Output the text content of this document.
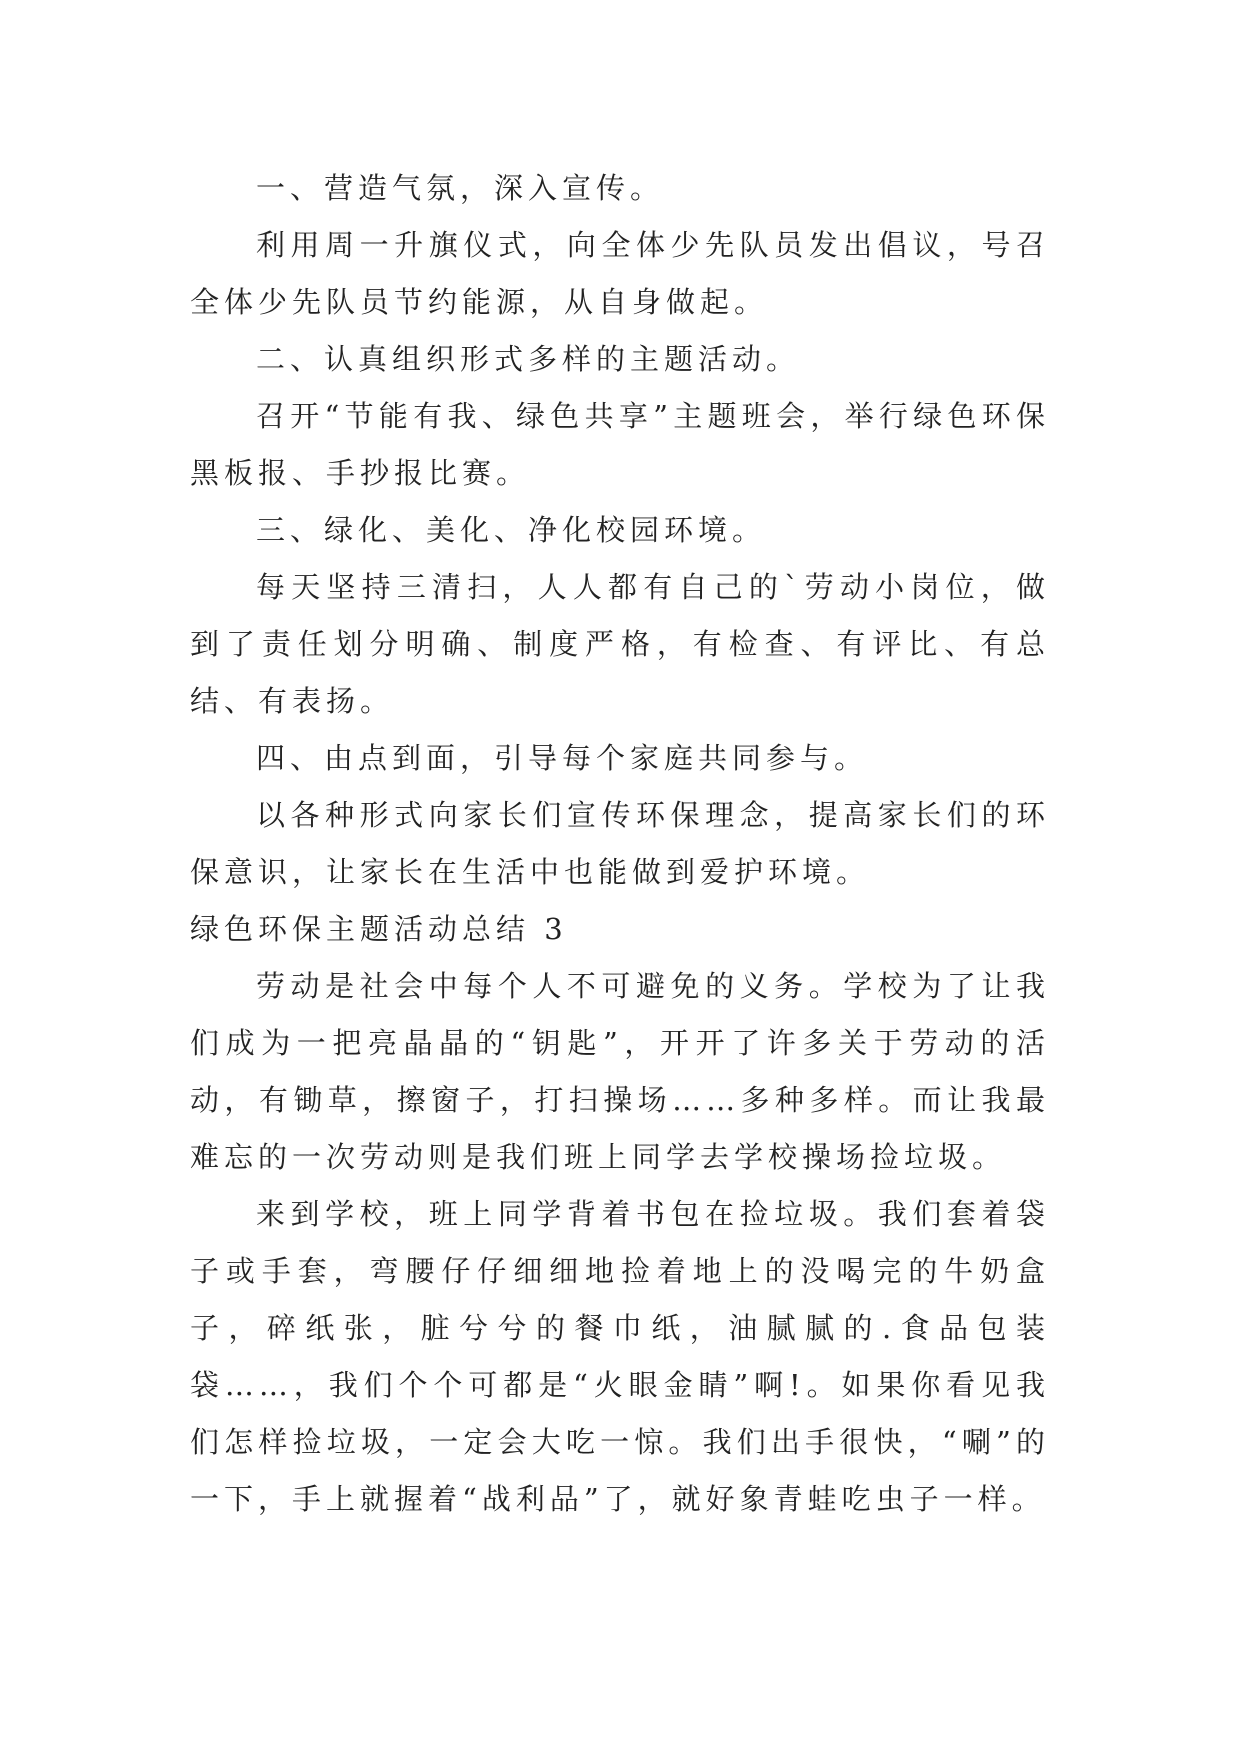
一、营造气氛，深入宣传。

利用周一升旗仪式，向全体少先队员发出倡议，号召全体少先队员节约能源，从自身做起。

二、认真组织形式多样的主题活动。

召开“节能有我、绿色共享”主题班会，举行绿色环保黑板报、手抄报比赛。

三、绿化、美化、净化校园环境。

每天坚持三清扫，人人都有自己的`劳动小岗位，做到了责任划分明确、制度严格，有检查、有评比、有总结、有表扬。

四、由点到面，引导每个家庭共同参与。

以各种形式向家长们宣传环保理念，提高家长们的环保意识，让家长在生活中也能做到爱护环境。

绿色环保主题活动总结 3

劳动是社会中每个人不可避免的义务。学校为了让我们成为一把亮晶晶的“钥匙”，开开了许多关于劳动的活动，有锄草，擦窗子，打扫操场……多种多样。而让我最难忘的一次劳动则是我们班上同学去学校操场捡垃圾。

来到学校，班上同学背着书包在捡垃圾。我们套着袋子或手套，弯腰仔仔细细地捡着地上的没喝完的牛奶盒子，碎纸张，脏兮兮的餐巾纸，油腻腻的.食品包装袋……，我们个个可都是“火眼金睛”啊!。如果你看见我们怎样捡垃圾，一定会大吃一惊。我们出手很快，“唰”的一下，手上就握着“战利品”了，就好象青蛙吃虫子一样。
